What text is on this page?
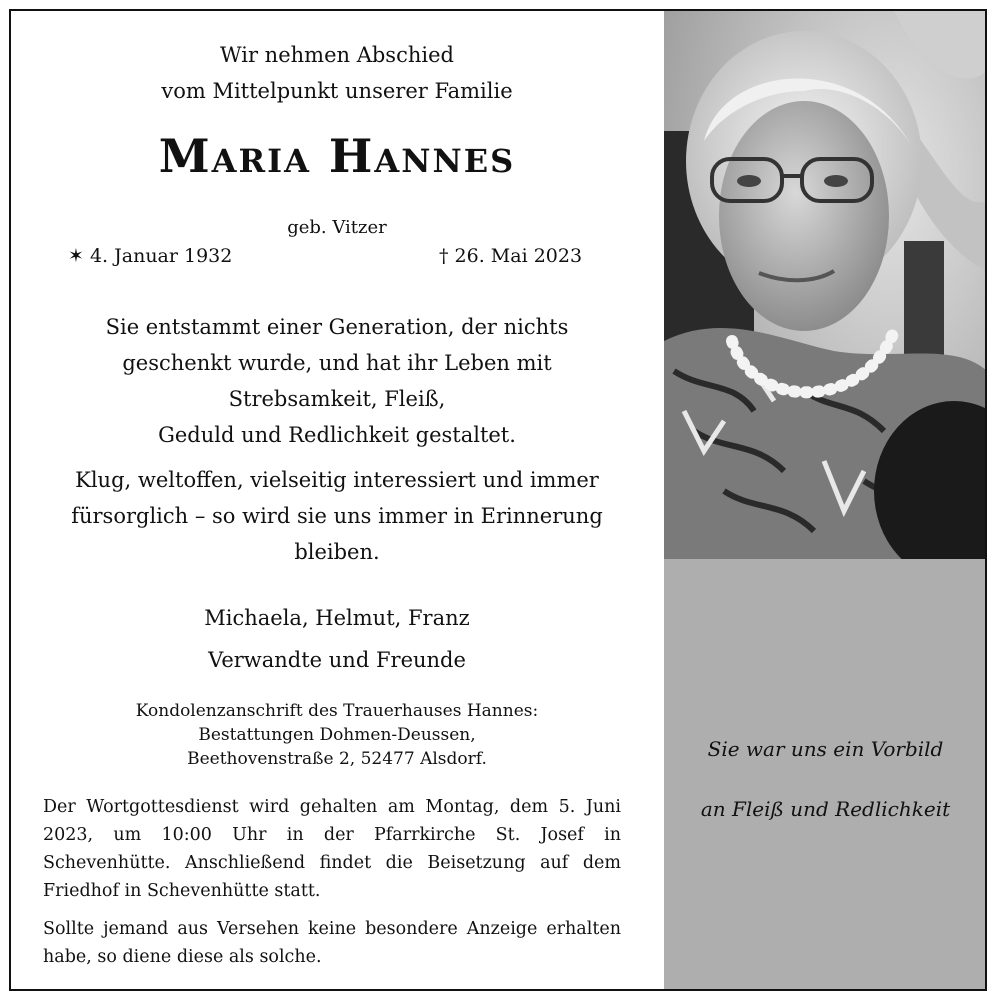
Wir nehmen Abschied
vom Mittelpunkt unserer Familie
Maria Hannes
geb. Vitzer
✶ 4. Januar 1932	† 26. Mai 2023
Sie entstammt einer Generation, der nichts
geschenkt wurde, und hat ihr Leben mit
Strebsamkeit, Fleiß,
Geduld und Redlichkeit gestaltet.
Klug, weltoffen, vielseitig interessiert und immer
fürsorglich – so wird sie uns immer in Erinnerung
bleiben.
Michaela, Helmut, Franz
Verwandte und Freunde
Kondolenzanschrift des Trauerhauses Hannes:
Bestattungen Dohmen-Deussen,
Beethovenstraße 2, 52477 Alsdorf.
Der Wortgottesdienst wird gehalten am Montag, dem 5. Juni 2023, um 10:00 Uhr in der Pfarrkirche St. Josef in Schevenhütte. Anschließend findet die Beisetzung auf dem Friedhof in Schevenhütte statt.
Sollte jemand aus Versehen keine besondere Anzeige erhalten habe, so diene diese als solche.
Sie war uns ein Vorbild
an Fleiß und Redlichkeit
